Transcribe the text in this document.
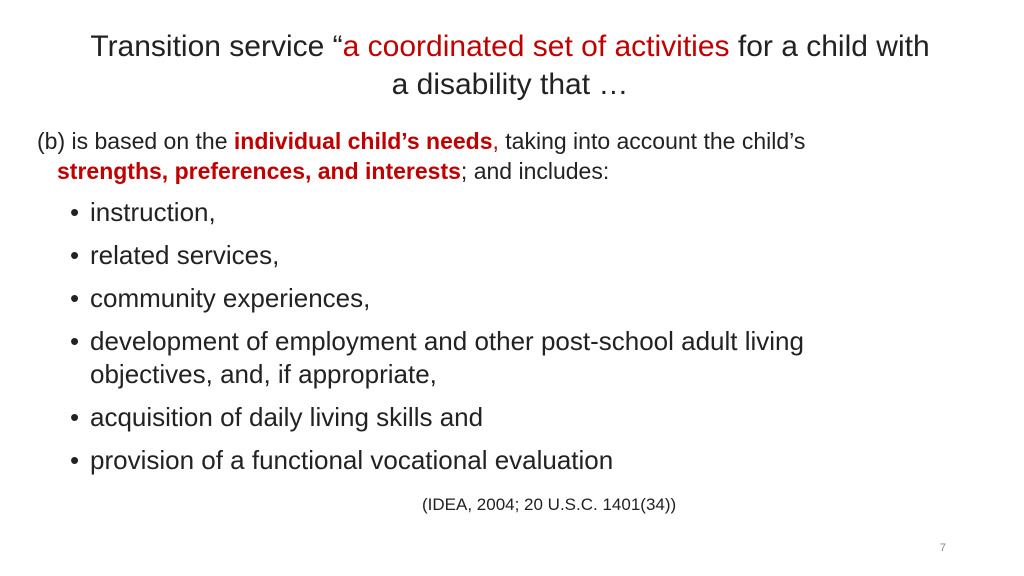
Transition service “a coordinated set of activities for a child with
a disability that …
(b) is based on the individual child’s needs, taking into account the child’s
strengths, preferences, and interests; and includes:
• instruction,
• related services,
• community experiences,
• development of employment and other post-school adult living objectives, and, if appropriate,
• acquisition of daily living skills and
• provision of a functional vocational evaluation
(IDEA, 2004; 20 U.S.C. 1401(34))
7
